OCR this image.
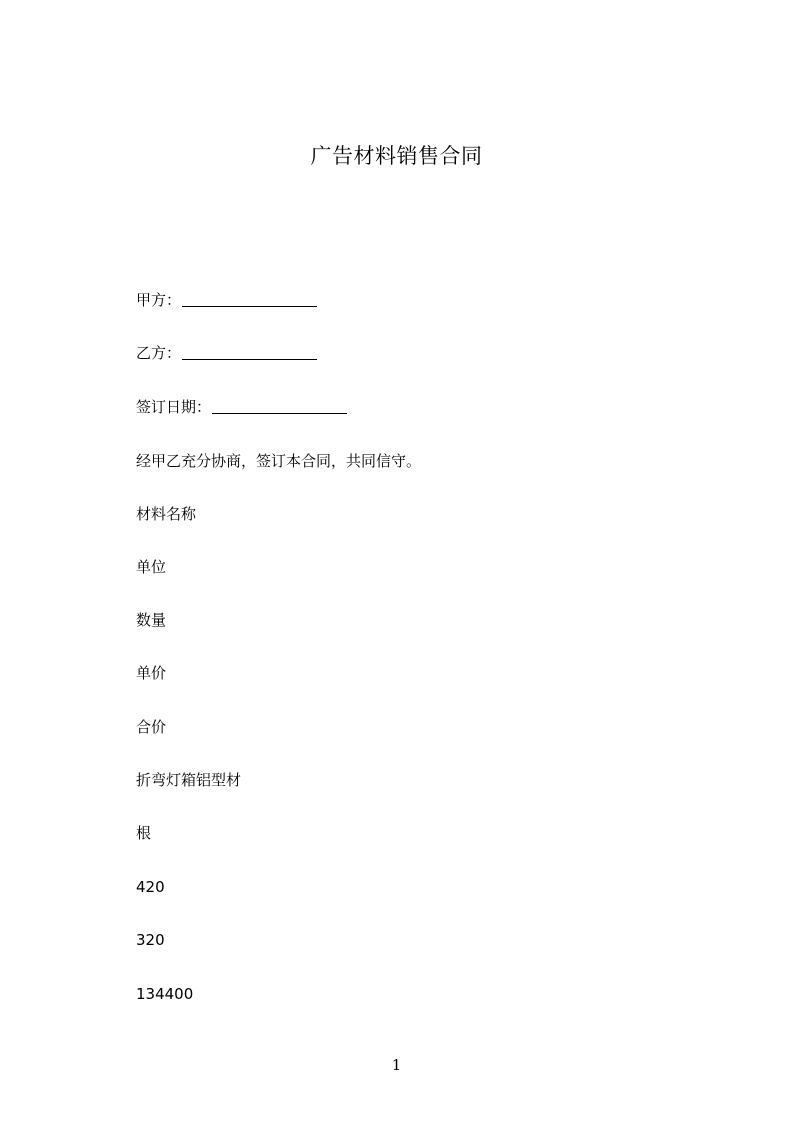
广告材料销售合同
甲方：
乙方：
签订日期：
经甲乙充分协商，签订本合同，共同信守。
材料名称
单位
数量
单价
合价
折弯灯箱铝型材
根
420
320
134400
1
